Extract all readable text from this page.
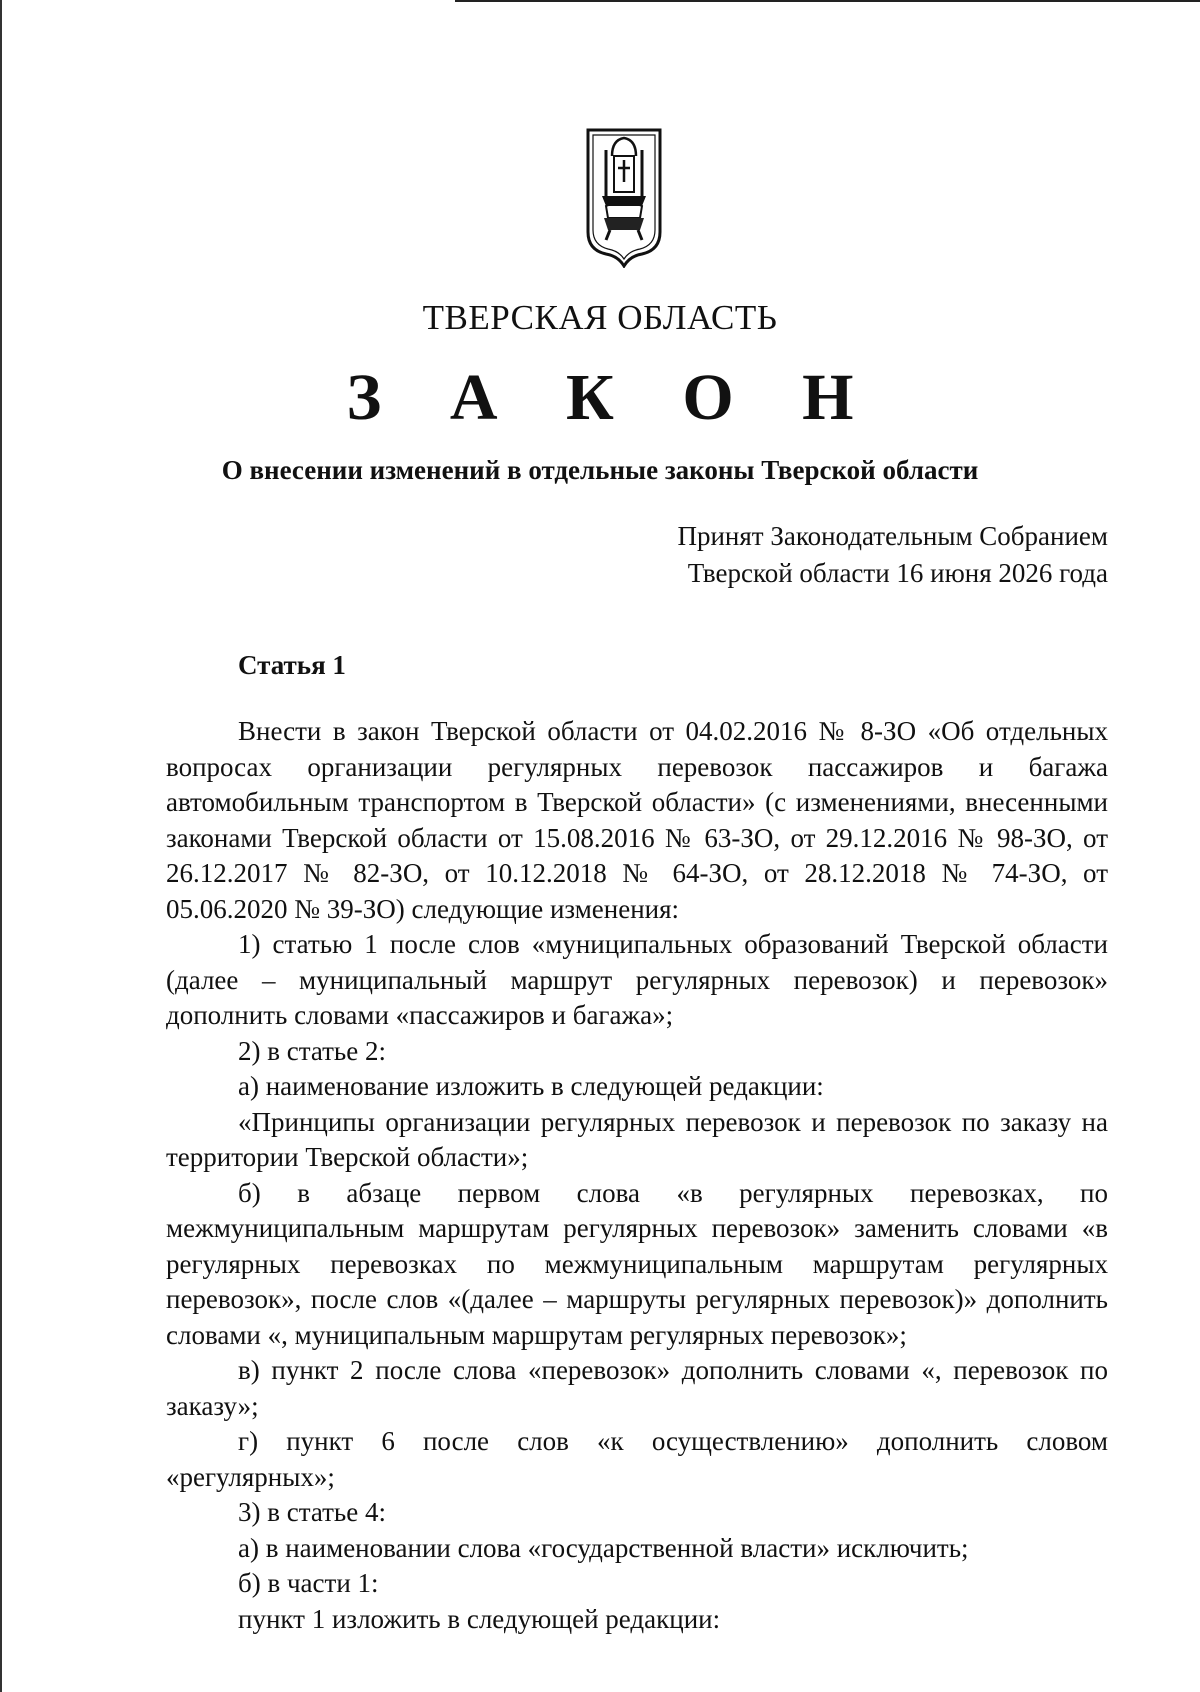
ТВЕРСКАЯ ОБЛАСТЬ
З А К О Н
О внесении изменений в отдельные законы Тверской области
Принят Законодательным Собранием
Тверской области 16 июня 2026 года
Статья 1

Внести в закон Тверской области от 04.02.2016 № 8-ЗО «Об отдельных вопросах организации регулярных перевозок пассажиров и багажа автомобильным транспортом в Тверской области» (с изменениями, внесенными законами Тверской области от 15.08.2016 № 63-ЗО, от 29.12.2016 № 98-ЗО, от 26.12.2017 № 82-ЗО, от 10.12.2018 № 64-ЗО, от 28.12.2018 № 74-ЗО, от 05.06.2020 № 39-ЗО) следующие изменения:

1) статью 1 после слов «муниципальных образований Тверской области (далее – муниципальный маршрут регулярных перевозок) и перевозок» дополнить словами «пассажиров и багажа»;

2) в статье 2:

а) наименование изложить в следующей редакции:

«Принципы организации регулярных перевозок и перевозок по заказу на территории Тверской области»;

б) в абзаце первом слова «в регулярных перевозках, по межмуниципальным маршрутам регулярных перевозок» заменить словами «в регулярных перевозках по межмуниципальным маршрутам регулярных перевозок», после слов «(далее – маршруты регулярных перевозок)» дополнить словами «, муниципальным маршрутам регулярных перевозок»;

в) пункт 2 после слова «перевозок» дополнить словами «, перевозок по заказу»;

г) пункт 6 после слов «к осуществлению» дополнить словом «регулярных»;

3) в статье 4:

а) в наименовании слова «государственной власти» исключить;

б) в части 1:

пункт 1 изложить в следующей редакции:
